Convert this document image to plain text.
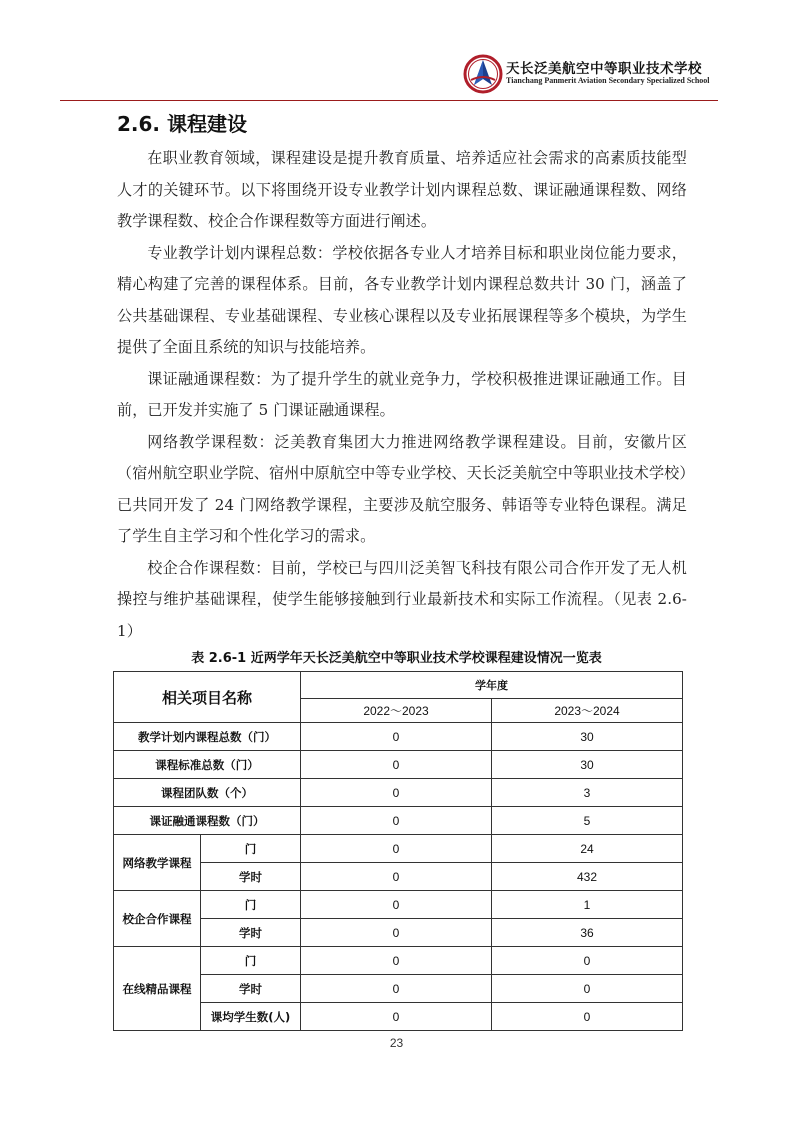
天长泛美航空中等职业技术学校
Tianchang Panmerit Aviation Secondary Specialized School
2.6. 课程建设

在职业教育领域，课程建设是提升教育质量、培养适应社会需求的高素质技能型人才的关键环节。以下将围绕开设专业教学计划内课程总数、课证融通课程数、网络教学课程数、校企合作课程数等方面进行阐述。

专业教学计划内课程总数：学校依据各专业人才培养目标和职业岗位能力要求，精心构建了完善的课程体系。目前，各专业教学计划内课程总数共计 30 门，涵盖了公共基础课程、专业基础课程、专业核心课程以及专业拓展课程等多个模块，为学生提供了全面且系统的知识与技能培养。

课证融通课程数：为了提升学生的就业竞争力，学校积极推进课证融通工作。目前，已开发并实施了 5 门课证融通课程。

网络教学课程数：泛美教育集团大力推进网络教学课程建设。目前，安徽片区（宿州航空职业学院、宿州中原航空中等专业学校、天长泛美航空中等职业技术学校）已共同开发了 24 门网络教学课程，主要涉及航空服务、韩语等专业特色课程。满足了学生自主学习和个性化学习的需求。

校企合作课程数：目前，学校已与四川泛美智飞科技有限公司合作开发了无人机操控与维护基础课程，使学生能够接触到行业最新技术和实际工作流程。（见表 2.6-1）

表 2.6-1 近两学年天长泛美航空中等职业技术学校课程建设情况一览表
相关项目名称		学年度	
		2022～2023	2023～2024
教学计划内课程总数（门）		0	30
课程标准总数（门）		0	30
课程团队数（个）		0	3
课证融通课程数（门）		0	5
网络教学课程	门	0	24
	学时	0	432
校企合作课程	门	0	1
	学时	0	36
在线精品课程	门	0	0
	学时	0	0
	课均学生数(人)	0	0
23
